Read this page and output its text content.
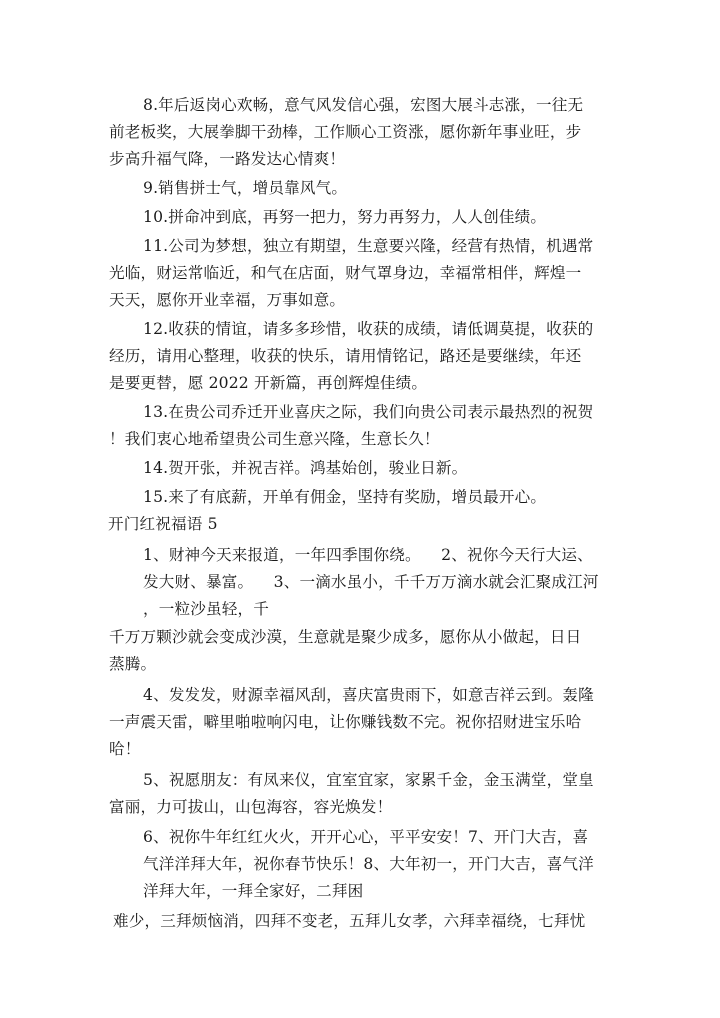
8.年后返岗心欢畅，意气风发信心强，宏图大展斗志涨，一往无
前老板奖，大展拳脚干劲棒，工作顺心工资涨，愿你新年事业旺，步
步高升福气降，一路发达心情爽！
9.销售拼士气，增员靠风气。
10.拼命冲到底，再努一把力，努力再努力，人人创佳绩。
11.公司为梦想，独立有期望，生意要兴隆，经营有热情，机遇常
光临，财运常临近，和气在店面，财气罩身边，幸福常相伴，辉煌一
天天，愿你开业幸福，万事如意。
12.收获的情谊，请多多珍惜，收获的成绩，请低调莫提，收获的
经历，请用心整理，收获的快乐，请用情铭记，路还是要继续，年还
是要更替，愿 2022 开新篇，再创辉煌佳绩。
13.在贵公司乔迁开业喜庆之际，我们向贵公司表示最热烈的祝贺
！我们衷心地希望贵公司生意兴隆，生意长久！
14.贺开张，并祝吉祥。鸿基始创，骏业日新。
15.来了有底薪，开单有佣金，坚持有奖励，增员最开心。
开门红祝福语 5
1、财神今天来报道，一年四季围你绕。    2、祝你今天行大运、
发大财、暴富。    3、一滴水虽小，千千万万滴水就会汇聚成江河
，一粒沙虽轻，千
千万万颗沙就会变成沙漠，生意就是聚少成多，愿你从小做起，日日
蒸腾。
4、发发发，财源幸福风刮，喜庆富贵雨下，如意吉祥云到。轰隆
一声震天雷，噼里啪啦响闪电，让你赚钱数不完。祝你招财进宝乐哈
哈！
5、祝愿朋友：有凤来仪，宜室宜家，家累千金，金玉满堂，堂皇
富丽，力可拔山，山包海容，容光焕发！
6、祝你牛年红红火火，开开心心，平平安安！7、开门大吉，喜
气洋洋拜大年，祝你春节快乐！8、大年初一，开门大吉，喜气洋
洋拜大年，一拜全家好，二拜困
难少，三拜烦恼消，四拜不变老，五拜儿女孝，六拜幸福绕，七拜忧
